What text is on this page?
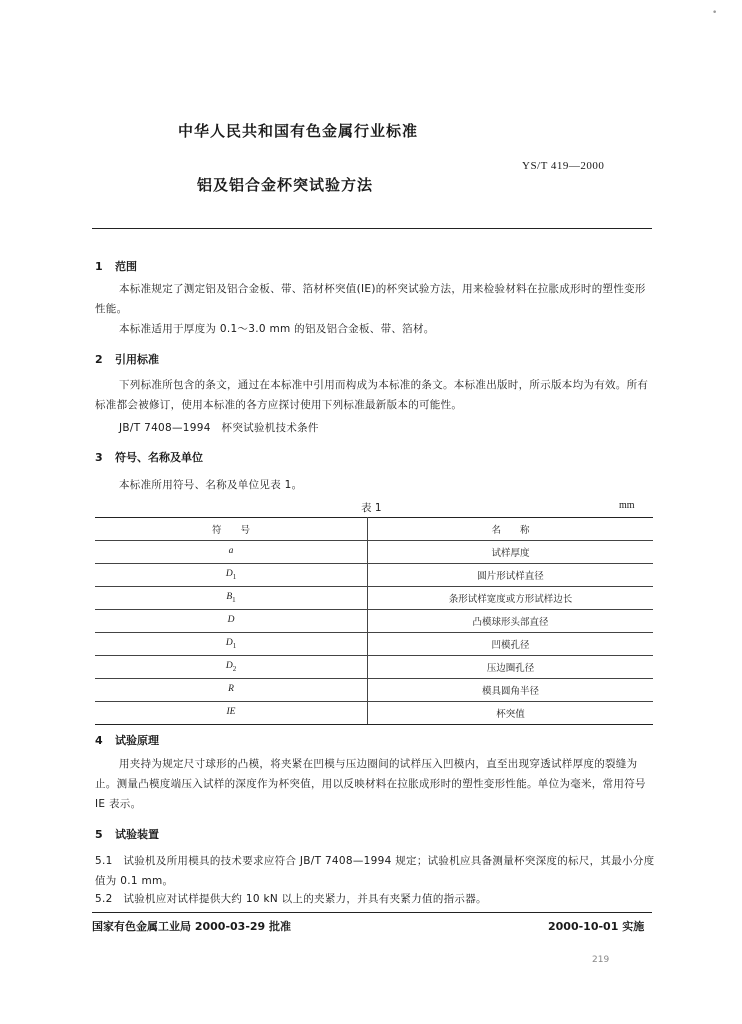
•
中华人民共和国有色金属行业标准
YS/T 419—2000
铝及铝合金杯突试验方法
1 范围
本标准规定了测定铝及铝合金板、带、箔材杯突值(IE)的杯突试验方法，用来检验材料在拉胀成形时的塑性变形性能。
本标准适用于厚度为 0.1～3.0 mm 的铝及铝合金板、带、箔材。
2 引用标准
下列标准所包含的条文，通过在本标准中引用而构成为本标准的条文。本标准出版时，所示版本均为有效。所有标准都会被修订，使用本标准的各方应探讨使用下列标准最新版本的可能性。
JB/T 7408—1994　杯突试验机技术条件
3 符号、名称及单位
本标准所用符号、名称及单位见表 1。
表 1	mm
符　　号	名　　称
a	试样厚度
$D_1$	圆片形试样直径
$B_1$	条形试样宽度或方形试样边长
D	凸模球形头部直径
$D_1$	凹模孔径
$D_2$	压边圈孔径
R	模具圆角半径
IE	杯突值
4 试验原理
用夹持为规定尺寸球形的凸模，将夹紧在凹模与压边圈间的试样压入凹模内，直至出现穿透试样厚度的裂缝为止。测量凸模度端压入试样的深度作为杯突值，用以反映材料在拉胀成形时的塑性变形性能。单位为毫米，常用符号 IE 表示。
5 试验装置
5.1　 试验机及所用模具的技术要求应符合 JB/T 7408—1994 规定；试验机应具备测量杯突深度的标尺，其最小分度值为 0.1 mm。
5.2　 试验机应对试样提供大约 10 kN 以上的夹紧力，并具有夹紧力值的指示器。
国家有色金属工业局 2000-03-29 批准	2000-10-01 实施
219
